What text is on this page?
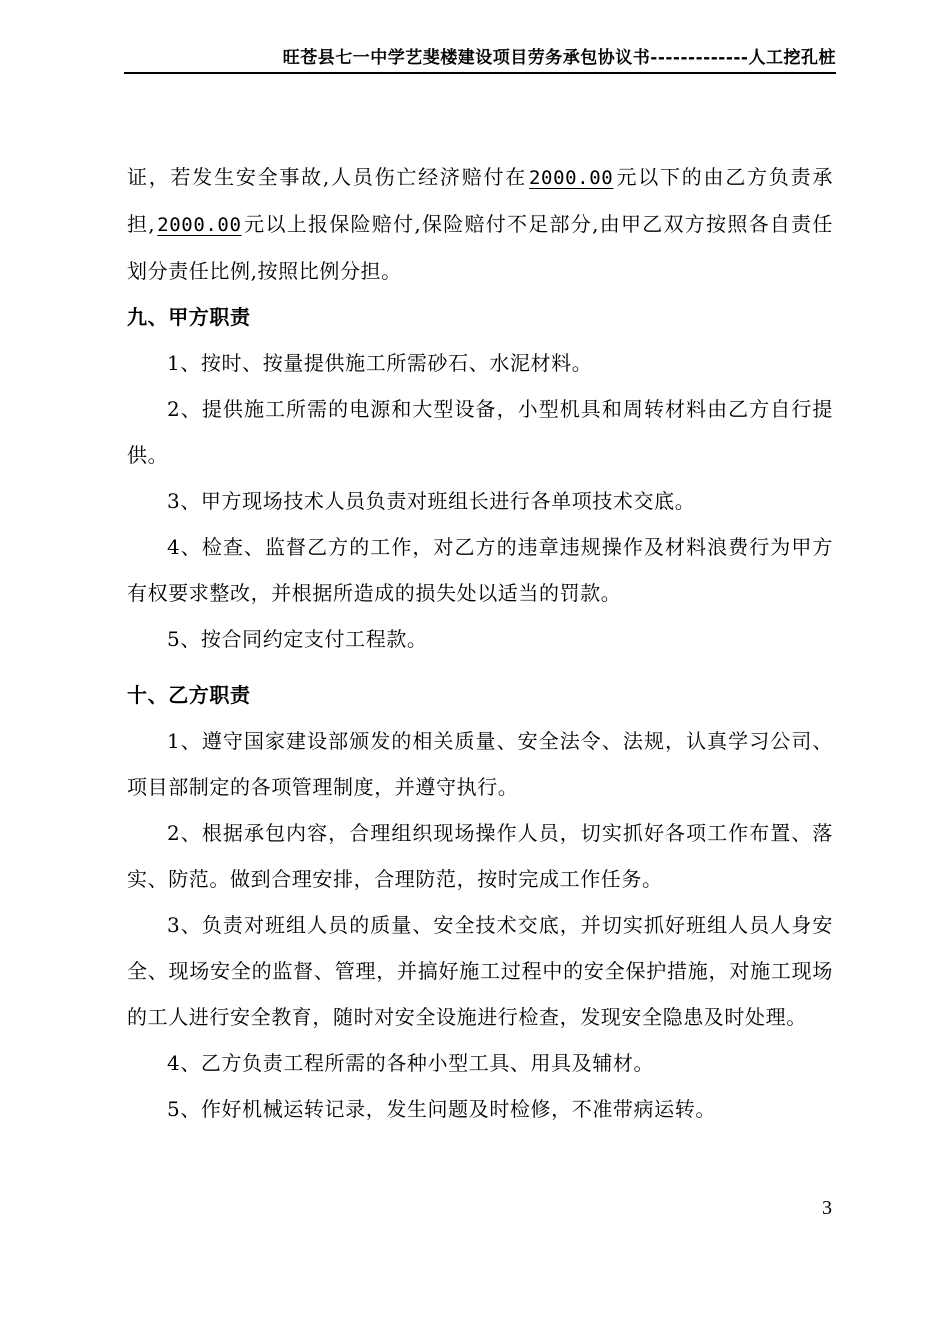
旺苍县七一中学艺斐楼建设项目劳务承包协议书-------------人工挖孔桩

证，若发生安全事故,人员伤亡经济赔付在 2000.00 元以下的由乙方负责承担, 2000.00 元以上报保险赔付,保险赔付不足部分,由甲乙双方按照各自责任划分责任比例,按照比例分担。

九、甲方职责

1、按时、按量提供施工所需砂石、水泥材料。

2、提供施工所需的电源和大型设备，小型机具和周转材料由乙方自行提供。

3、甲方现场技术人员负责对班组长进行各单项技术交底。

4、检查、监督乙方的工作，对乙方的违章违规操作及材料浪费行为甲方有权要求整改，并根据所造成的损失处以适当的罚款。

5、按合同约定支付工程款。

十、乙方职责

1、遵守国家建设部颁发的相关质量、安全法令、法规，认真学习公司、项目部制定的各项管理制度，并遵守执行。

2、根据承包内容，合理组织现场操作人员，切实抓好各项工作布置、落实、防范。做到合理安排，合理防范，按时完成工作任务。

3、负责对班组人员的质量、安全技术交底，并切实抓好班组人员人身安全、现场安全的监督、管理，并搞好施工过程中的安全保护措施，对施工现场的工人进行安全教育，随时对安全设施进行检查，发现安全隐患及时处理。

4、乙方负责工程所需的各种小型工具、用具及辅材。

5、作好机械运转记录，发生问题及时检修，不准带病运转。

3
